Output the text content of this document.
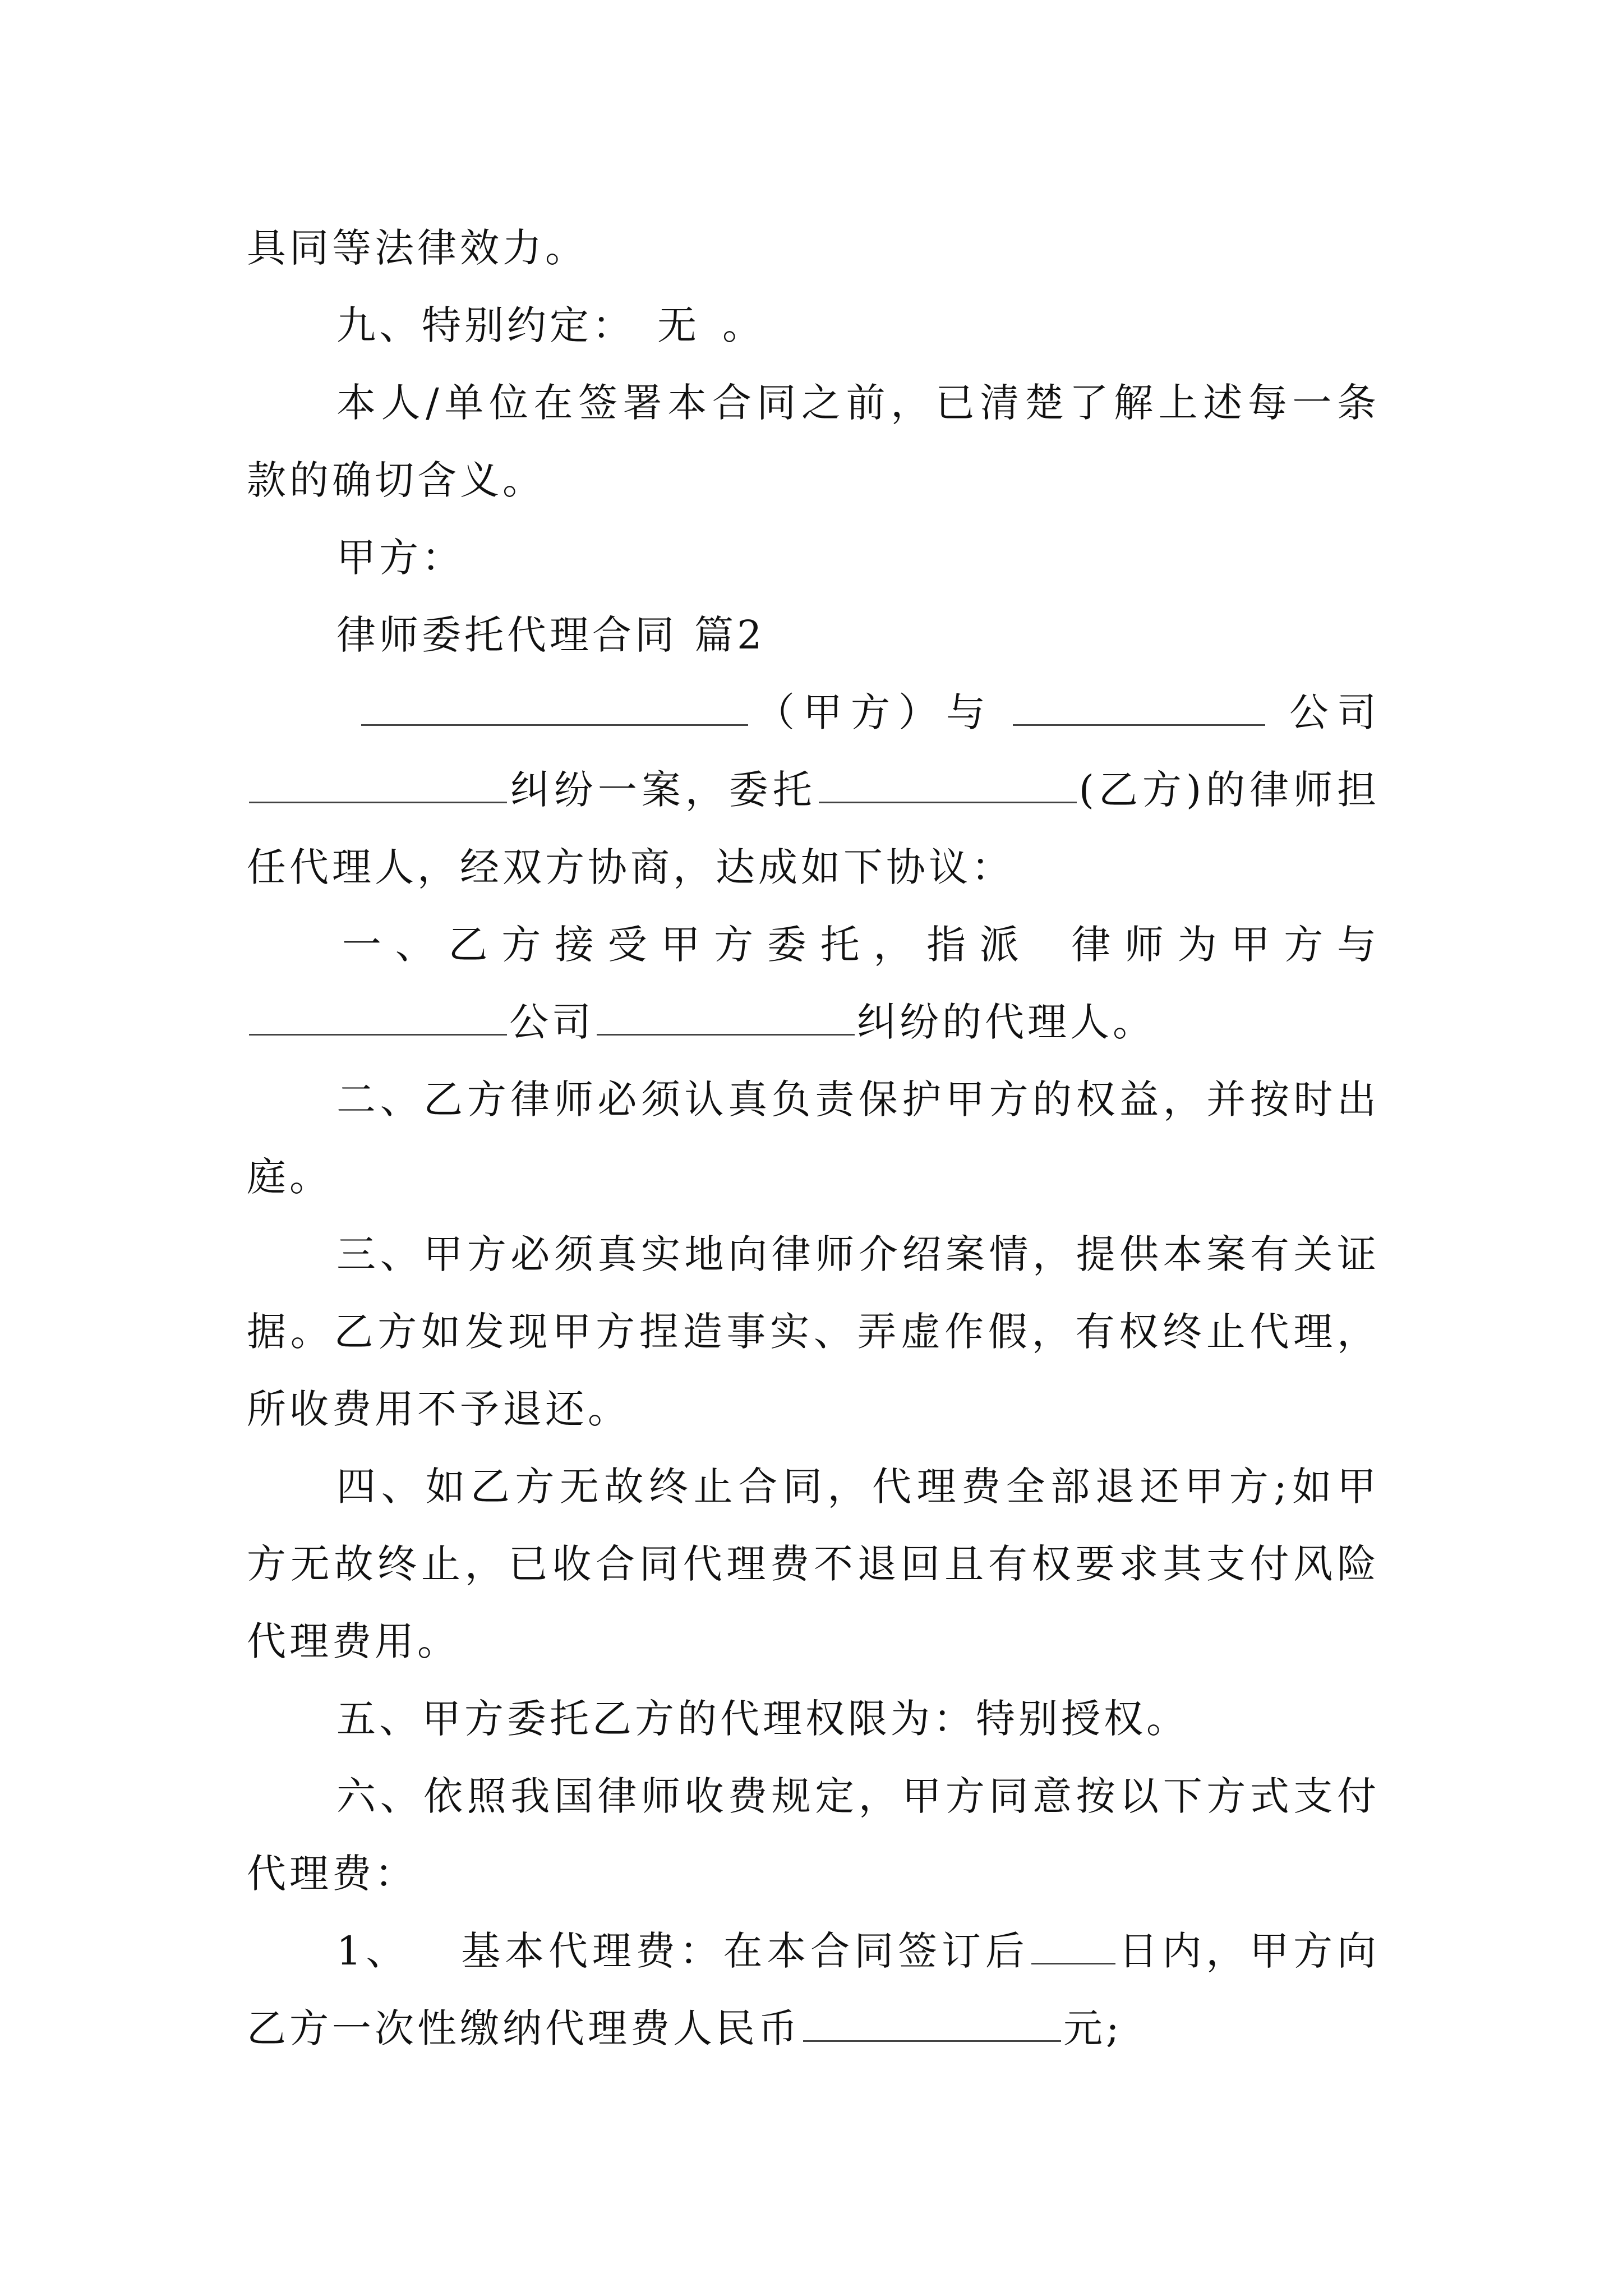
具同等法律效力。
九、特别约定： 无 。
本人/单位在签署本合同之前，已清楚了解上述每一条
款的确切含义。
甲方：
律师委托代理合同 篇2
（甲方）与	公司
纠纷一案，委托	(乙方)的律师担
任代理人，经双方协商，达成如下协议：
一、乙方接受甲方委托，指派 律师为甲方与
公司	纠纷的代理人。
二、乙方律师必须认真负责保护甲方的权益，并按时出
庭。
三、甲方必须真实地向律师介绍案情，提供本案有关证
据。乙方如发现甲方捏造事实、弄虚作假，有权终止代理，
所收费用不予退还。
四、如乙方无故终止合同，代理费全部退还甲方;如甲
方无故终止，已收合同代理费不退回且有权要求其支付风险
代理费用。
五、甲方委托乙方的代理权限为：特别授权。
六、依照我国律师收费规定，甲方同意按以下方式支付
代理费：
1、 基本代理费：在本合同签订后 日内，甲方向
乙方一次性缴纳代理费人民币	元;
